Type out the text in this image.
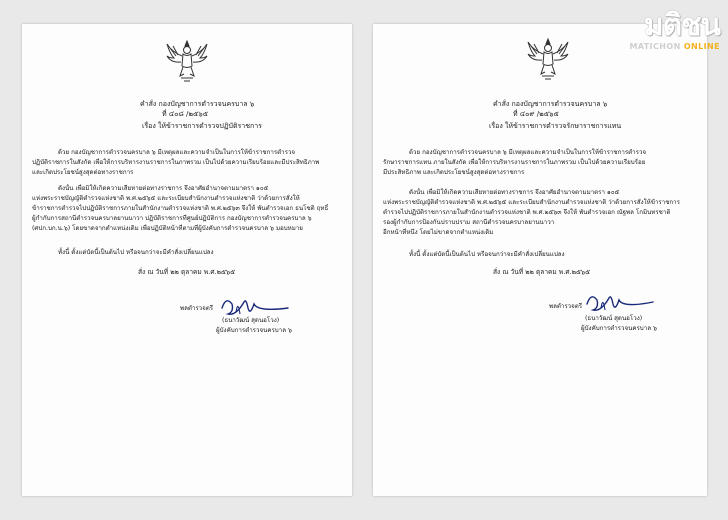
คำสั่ง กองบัญชาการตำรวจนครบาล ๖
ที่ ๔๐๘ /๒๕๖๕
เรื่อง ให้ข้าราชการตำรวจปฏิบัติราชการ
ด้วย กองบัญชาการตำรวจนครบาล ๖ มีเหตุผลและความจำเป็นในการให้ข้าราชการตำรวจ
ปฏิบัติราชการในสังกัด เพื่อให้การบริหารงานราชการในภาพรวม เป็นไปด้วยความเรียบร้อยและมีประสิทธิภาพ
และเกิดประโยชน์สูงสุดต่อทางราชการ
ดังนั้น เพื่อมิให้เกิดความเสียหายต่อทางราชการ จึงอาศัยอำนาจตามมาตรา ๑๐๕
แห่งพระราชบัญญัติตำรวจแห่งชาติ พ.ศ.๒๕๖๕ และระเบียบสำนักงานตำรวจแห่งชาติ ว่าด้วยการสั่งให้
ข้าราชการตำรวจไปปฏิบัติราชการภายในสำนักงานตำรวจแห่งชาติ พ.ศ.๒๕๖๓ จึงให้ พันตำรวจเอก ธนโชติ ฤทธิ์
ผู้กำกับการสถานีตำรวจนครบาลยานนาวา ปฏิบัติราชการที่ศูนย์ปฏิบัติการ กองบัญชาการตำรวจนครบาล ๖
(ศปก.บก.น.๖) โดยขาดจากตำแหน่งเดิม เพื่อปฏิบัติหน้าที่ตามที่ผู้บังคับการตำรวจนครบาล ๖ มอบหมาย
ทั้งนี้ ตั้งแต่บัดนี้เป็นต้นไป หรือจนกว่าจะมีคำสั่งเปลี่ยนแปลง
สั่ง ณ วันที่ ๒๒ ตุลาคม พ.ศ.๒๕๖๕
พลตำรวจตรี
(ธนาวัฒน์ สุดนอโวง)
ผู้บังคับการตำรวจนครบาล ๖
คำสั่ง กองบัญชาการตำรวจนครบาล ๖
ที่ ๔๐๙ /๒๕๖๕
เรื่อง ให้ข้าราชการตำรวจรักษาราชการแทน
ด้วย กองบัญชาการตำรวจนครบาล ๖ มีเหตุผลและความจำเป็นในการให้ข้าราชการตำรวจ
รักษาราชการแทน ภายในสังกัด เพื่อให้การบริหารงานราชการในภาพรวม เป็นไปด้วยความเรียบร้อย
มีประสิทธิภาพ และเกิดประโยชน์สูงสุดต่อทางราชการ
ดังนั้น เพื่อมิให้เกิดความเสียหายต่อทางราชการ จึงอาศัยอำนาจตามมาตรา ๑๐๕
แห่งพระราชบัญญัติตำรวจแห่งชาติ พ.ศ.๒๕๖๕ และระเบียบสำนักงานตำรวจแห่งชาติ ว่าด้วยการสั่งให้ข้าราชการ
ตำรวจไปปฏิบัติราชการภายในสำนักงานตำรวจแห่งชาติ พ.ศ.๒๕๖๓ จึงให้ พันตำรวจเอก ณัฐพล โกมินทรชาติ
รองผู้กำกับการป้องกันปราบปราม สถานีตำรวจนครบาลยานนาวา
อีกหน้าที่หนึ่ง โดยไม่ขาดจากตำแหน่งเดิม
ทั้งนี้ ตั้งแต่บัดนี้เป็นต้นไป หรือจนกว่าจะมีคำสั่งเปลี่ยนแปลง
สั่ง ณ วันที่ ๒๒ ตุลาคม พ.ศ.๒๕๖๕
พลตำรวจตรี
(ธนาวัฒน์ สุดนอโวง)
ผู้บังคับการตำรวจนครบาล ๖
มติชน
MATICHON ONLINE
